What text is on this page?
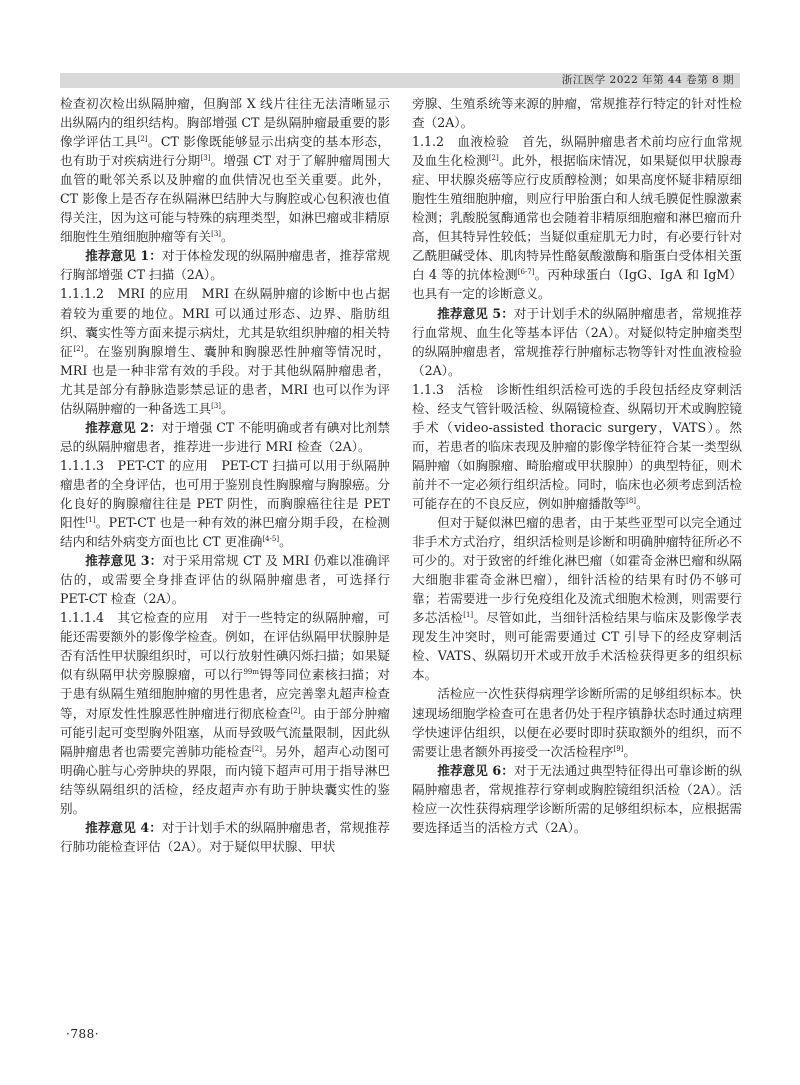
浙江医学 2022 年第 44 卷第 8 期

检查初次检出纵隔肿瘤，但胸部 X 线片往往无法清晰显示出纵隔内的组织结构。胸部增强 CT 是纵隔肿瘤最重要的影像学评估工具[2]。CT 影像既能够显示出病变的基本形态，也有助于对疾病进行分期[3]。增强 CT 对于了解肿瘤周围大血管的毗邻关系以及肿瘤的血供情况也至关重要。此外，CT 影像上是否存在纵隔淋巴结肿大与胸腔或心包积液也值得关注，因为这可能与特殊的病理类型，如淋巴瘤或非精原细胞性生殖细胞肿瘤等有关[3]。

推荐意见 1：对于体检发现的纵隔肿瘤患者，推荐常规行胸部增强 CT 扫描（2A）。

1.1.1.2　MRI 的应用　MRI 在纵隔肿瘤的诊断中也占据着较为重要的地位。MRI 可以通过形态、边界、脂肪组织、囊实性等方面来提示病灶，尤其是软组织肿瘤的相关特征[2]。在鉴别胸腺增生、囊肿和胸腺恶性肿瘤等情况时，MRI 也是一种非常有效的手段。对于其他纵隔肿瘤患者，尤其是部分有静脉造影禁忌证的患者，MRI 也可以作为评估纵隔肿瘤的一种备选工具[3]。

推荐意见 2：对于增强 CT 不能明确或者有碘对比剂禁忌的纵隔肿瘤患者，推荐进一步进行 MRI 检查（2A）。

1.1.1.3　PET-CT 的应用　PET-CT 扫描可以用于纵隔肿瘤患者的全身评估，也可用于鉴别良性胸腺瘤与胸腺癌。分化良好的胸腺瘤往往是 PET 阴性，而胸腺癌往往是 PET 阳性[1]。PET-CT 也是一种有效的淋巴瘤分期手段，在检测结内和结外病变方面也比 CT 更准确[4-5]。

推荐意见 3：对于采用常规 CT 及 MRI 仍难以准确评估的，或需要全身排查评估的纵隔肿瘤患者，可选择行 PET-CT 检查（2A）。

1.1.1.4　其它检查的应用　对于一些特定的纵隔肿瘤，可能还需要额外的影像学检查。例如，在评估纵隔甲状腺肿是否有活性甲状腺组织时，可以行放射性碘闪烁扫描；如果疑似有纵隔甲状旁腺腺瘤，可以行$^{99m}$锝等同位素核扫描；对于患有纵隔生殖细胞肿瘤的男性患者，应完善睾丸超声检查等，对原发性性腺恶性肿瘤进行彻底检查[2]。由于部分肿瘤可能引起可变型胸外阻塞，从而导致吸气流量限制，因此纵隔肿瘤患者也需要完善肺功能检查[2]。另外，超声心动图可明确心脏与心旁肿块的界限，而内镜下超声可用于指导淋巴结等纵隔组织的活检，经皮超声亦有助于肿块囊实性的鉴别。

推荐意见 4：对于计划手术的纵隔肿瘤患者，常规推荐行肺功能检查评估（2A）。对于疑似甲状腺、甲状

旁腺、生殖系统等来源的肿瘤，常规推荐行特定的针对性检查（2A）。

1.1.2　血液检验　首先，纵隔肿瘤患者术前均应行血常规及血生化检测[2]。此外，根据临床情况，如果疑似甲状腺毒症、甲状腺炎癌等应行皮质醇检测；如果高度怀疑非精原细胞性生殖细胞肿瘤，则应行甲胎蛋白和人绒毛膜促性腺激素检测；乳酸脱氢酶通常也会随着非精原细胞瘤和淋巴瘤而升高，但其特异性较低；当疑似重症肌无力时，有必要行针对乙酰胆碱受体、肌肉特异性酪氨酸激酶和脂蛋白受体相关蛋白 4 等的抗体检测[6-7]。丙种球蛋白（IgG、IgA 和 IgM）也具有一定的诊断意义。

推荐意见 5：对于计划手术的纵隔肿瘤患者，常规推荐行血常规、血生化等基本评估（2A）。对疑似特定肿瘤类型的纵隔肿瘤患者，常规推荐行肿瘤标志物等针对性血液检验（2A）。

1.1.3　活检　诊断性组织活检可选的手段包括经皮穿刺活检、经支气管针吸活检、纵隔镜检查、纵隔切开术或胸腔镜手术（video-assisted thoracic surgery，VATS）。然而，若患者的临床表现及肿瘤的影像学特征符合某一类型纵隔肿瘤（如胸腺瘤、畸胎瘤或甲状腺肿）的典型特征，则术前并不一定必须行组织活检。同时，临床也必须考虑到活检可能存在的不良反应，例如肿瘤播散等[8]。

但对于疑似淋巴瘤的患者，由于某些亚型可以完全通过非手术方式治疗，组织活检则是诊断和明确肿瘤特征所必不可少的。对于致密的纤维化淋巴瘤（如霍奇金淋巴瘤和纵隔大细胞非霍奇金淋巴瘤），细针活检的结果有时仍不够可靠；若需要进一步行免疫组化及流式细胞术检测，则需要行多芯活检[1]。尽管如此，当细针活检结果与临床及影像学表现发生冲突时，则可能需要通过 CT 引导下的经皮穿刺活检、VATS、纵隔切开术或开放手术活检获得更多的组织标本。

活检应一次性获得病理学诊断所需的足够组织标本。快速现场细胞学检查可在患者仍处于程序镇静状态时通过病理学快速评估组织，以便在必要时即时获取额外的组织，而不需要让患者额外再接受一次活检程序[9]。

推荐意见 6：对于无法通过典型特征得出可靠诊断的纵隔肿瘤患者，常规推荐行穿刺或胸腔镜组织活检（2A）。活检应一次性获得病理学诊断所需的足够组织标本，应根据需要选择适当的活检方式（2A）。

·788·
